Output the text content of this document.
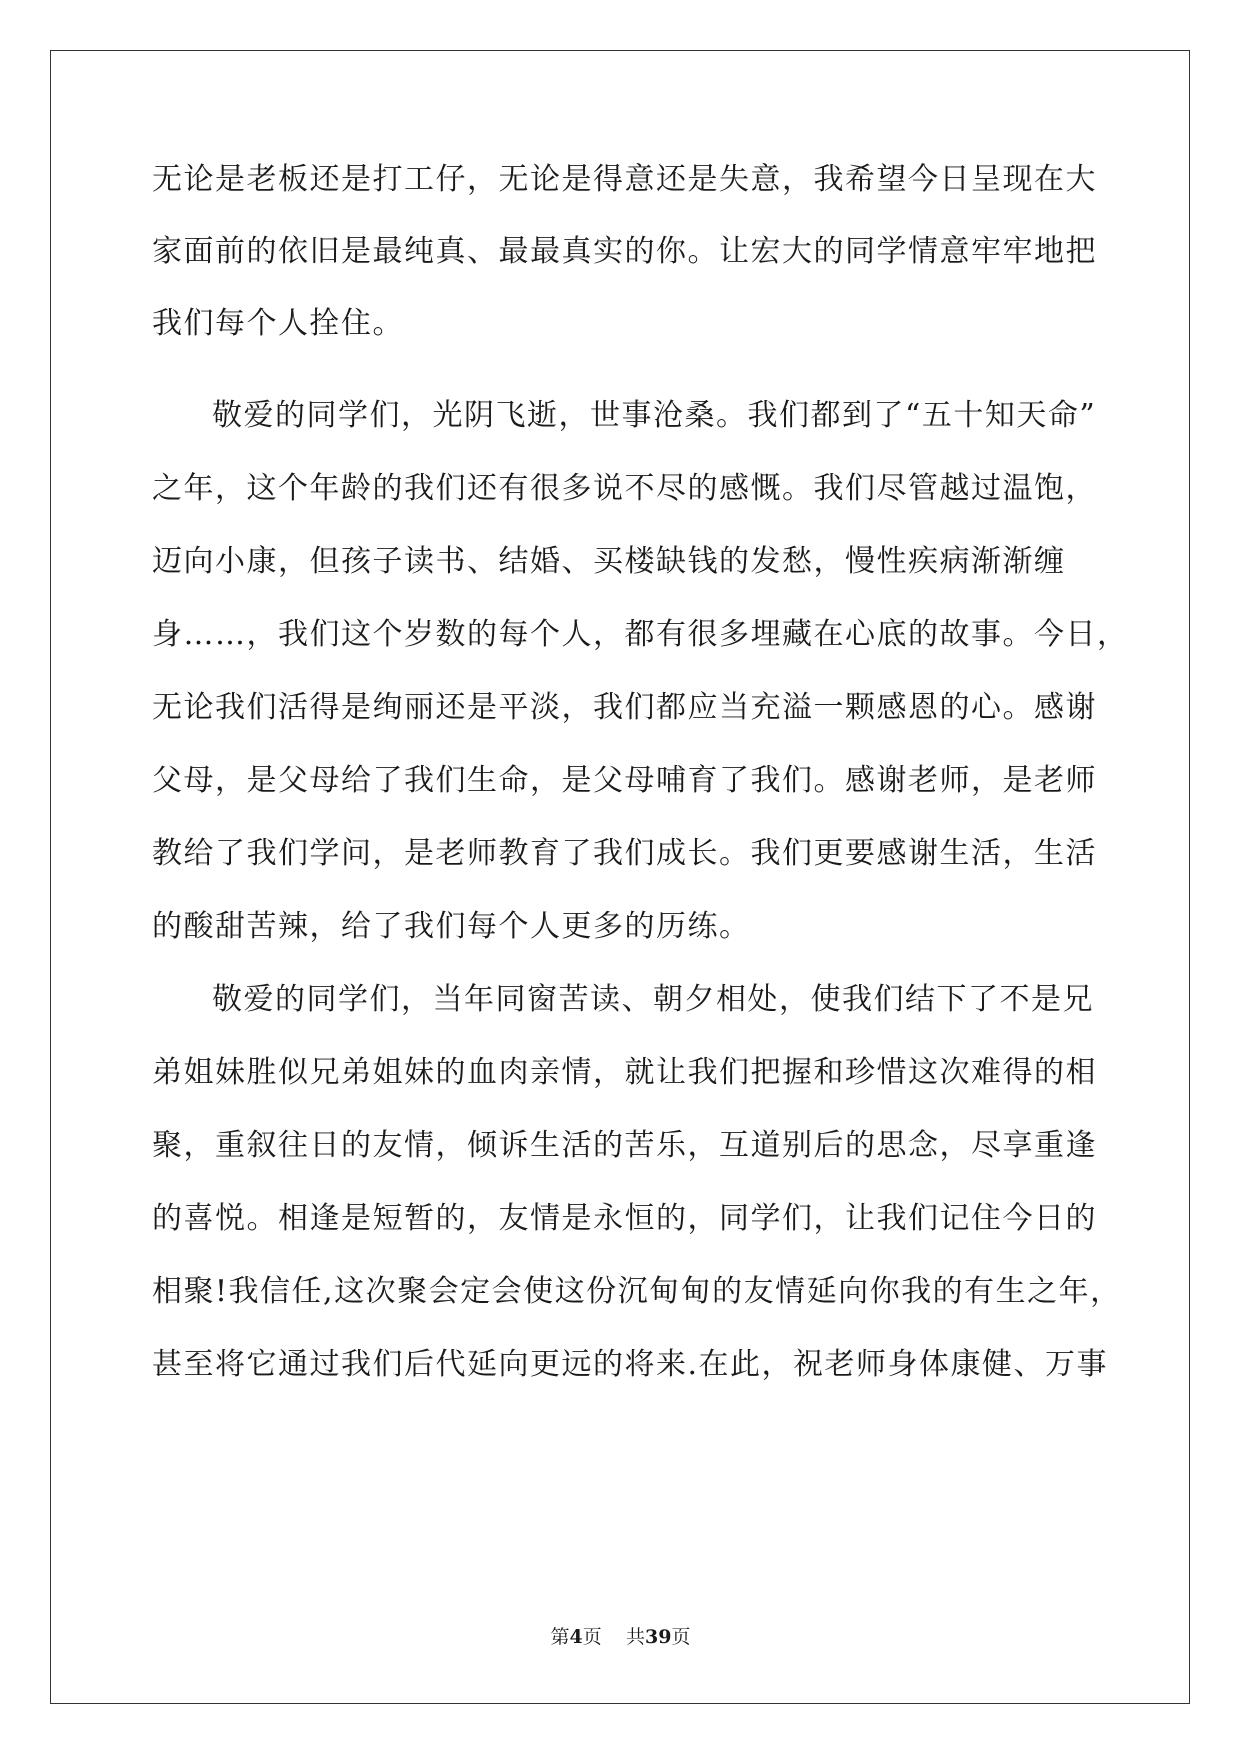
无论是老板还是打工仔，无论是得意还是失意，我希望今日呈现在大
家面前的依旧是最纯真、最最真实的你。让宏大的同学情意牢牢地把
我们每个人拴住。
敬爱的同学们，光阴飞逝，世事沧桑。我们都到了“五十知天命”
之年，这个年龄的我们还有很多说不尽的感慨。我们尽管越过温饱，
迈向小康，但孩子读书、结婚、买楼缺钱的发愁，慢性疾病渐渐缠
身……，我们这个岁数的每个人，都有很多埋藏在心底的故事。今日，
无论我们活得是绚丽还是平淡，我们都应当充溢一颗感恩的心。感谢
父母，是父母给了我们生命，是父母哺育了我们。感谢老师，是老师
教给了我们学问，是老师教育了我们成长。我们更要感谢生活，生活
的酸甜苦辣，给了我们每个人更多的历练。
敬爱的同学们，当年同窗苦读、朝夕相处，使我们结下了不是兄
弟姐妹胜似兄弟姐妹的血肉亲情，就让我们把握和珍惜这次难得的相
聚，重叙往日的友情，倾诉生活的苦乐，互道别后的思念，尽享重逢
的喜悦。相逢是短暂的，友情是永恒的，同学们，让我们记住今日的
相聚!我信任,这次聚会定会使这份沉甸甸的友情延向你我的有生之年，
甚至将它通过我们后代延向更远的将来.在此，祝老师身体康健、万事
第4页 共39页
